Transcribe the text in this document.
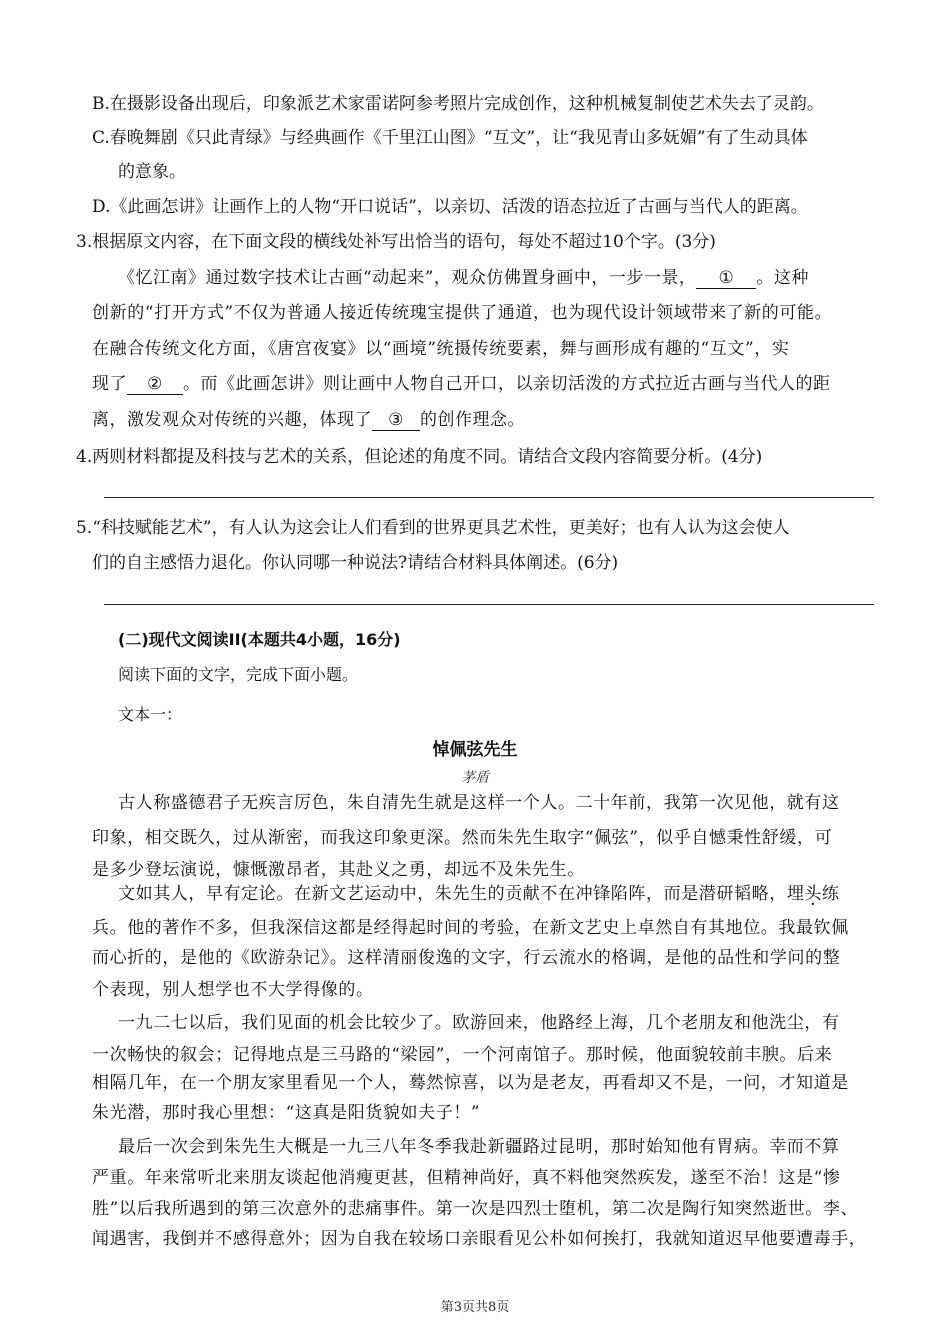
B.在摄影设备出现后，印象派艺术家雷诺阿参考照片完成创作，这种机械复制使艺术失去了灵韵。
C.春晚舞剧《只此青绿》与经典画作《千里江山图》“互文”，让“我见青山多妩媚”有了生动具体
的意象。
D.《此画怎讲》让画作上的人物“开口说话”，以亲切、活泼的语态拉近了古画与当代人的距离。
3.根据原文内容，在下面文段的横线处补写出恰当的语句，每处不超过10个字。(3分)
《忆江南》通过数字技术让古画“动起来”，观众仿佛置身画中，一步一景， ① 。这种
创新的“打开方式”不仅为普通人接近传统瑰宝提供了通道，也为现代设计领域带来了新的可能。
在融合传统文化方面，《唐宫夜宴》以“画境”统摄传统要素，舞与画形成有趣的“互文”，实
现了 ② 。而《此画怎讲》则让画中人物自己开口，以亲切活泼的方式拉近古画与当代人的距
离，激发观众对传统的兴趣，体现了 ③ 的创作理念。
4.两则材料都提及科技与艺术的关系，但论述的角度不同。请结合文段内容简要分析。(4分)
5.“科技赋能艺术”，有人认为这会让人们看到的世界更具艺术性，更美好；也有人认为这会使人
们的自主感悟力退化。你认同哪一种说法?请结合材料具体阐述。(6分)
(二)现代文阅读II(本题共4小题，16分)
阅读下面的文字，完成下面小题。
文本一：
悼佩弦先生
茅盾
古人称盛德君子无疾言厉色，朱自清先生就是这样一个人。二十年前，我第一次见他，就有这
印象，相交既久，过从渐密，而我这印象更深。然而朱先生取字“佩弦”，似乎自憾秉性舒缓，可
是多少登坛演说，慷慨激昂者，其赴义之勇，却远不及朱先生。
文如其人，早有定论。在新文艺运动中，朱先生的贡献不在冲锋陷阵，而是潜研韬略，埋头练
兵。他的著作不多，但我深信这都是经得起时间的考验，在新文艺史上卓然自有其地位。我最钦佩
而心折的，是他的《欧游杂记》。这样清丽俊逸的文字，行云流水的格调，是他的品性和学问的整
个表现，别人想学也不大学得像的。
一九二七以后，我们见面的机会比较少了。欧游回来，他路经上海，几个老朋友和他洗尘，有
一次畅快的叙会；记得地点是三马路的“梁园”，一个河南馆子。那时候，他面貌较前丰腴。后来
相隔几年，在一个朋友家里看见一个人，蓦然惊喜，以为是老友，再看却又不是，一问，才知道是
朱光潜，那时我心里想：“这真是阳货貌如夫子！”
最后一次会到朱先生大概是一九三八年冬季我赴新疆路过昆明，那时始知他有胃病。幸而不算
严重。年来常听北来朋友谈起他消瘦更甚，但精神尚好，真不料他突然疾发，遂至不治！这是“惨
胜”以后我所遇到的第三次意外的悲痛事件。第一次是四烈士堕机，第二次是陶行知突然逝世。李、
闻遇害，我倒并不感得意外；因为自我在较场口亲眼看见公朴如何挨打，我就知道迟早他要遭毒手，
第3页共8页
